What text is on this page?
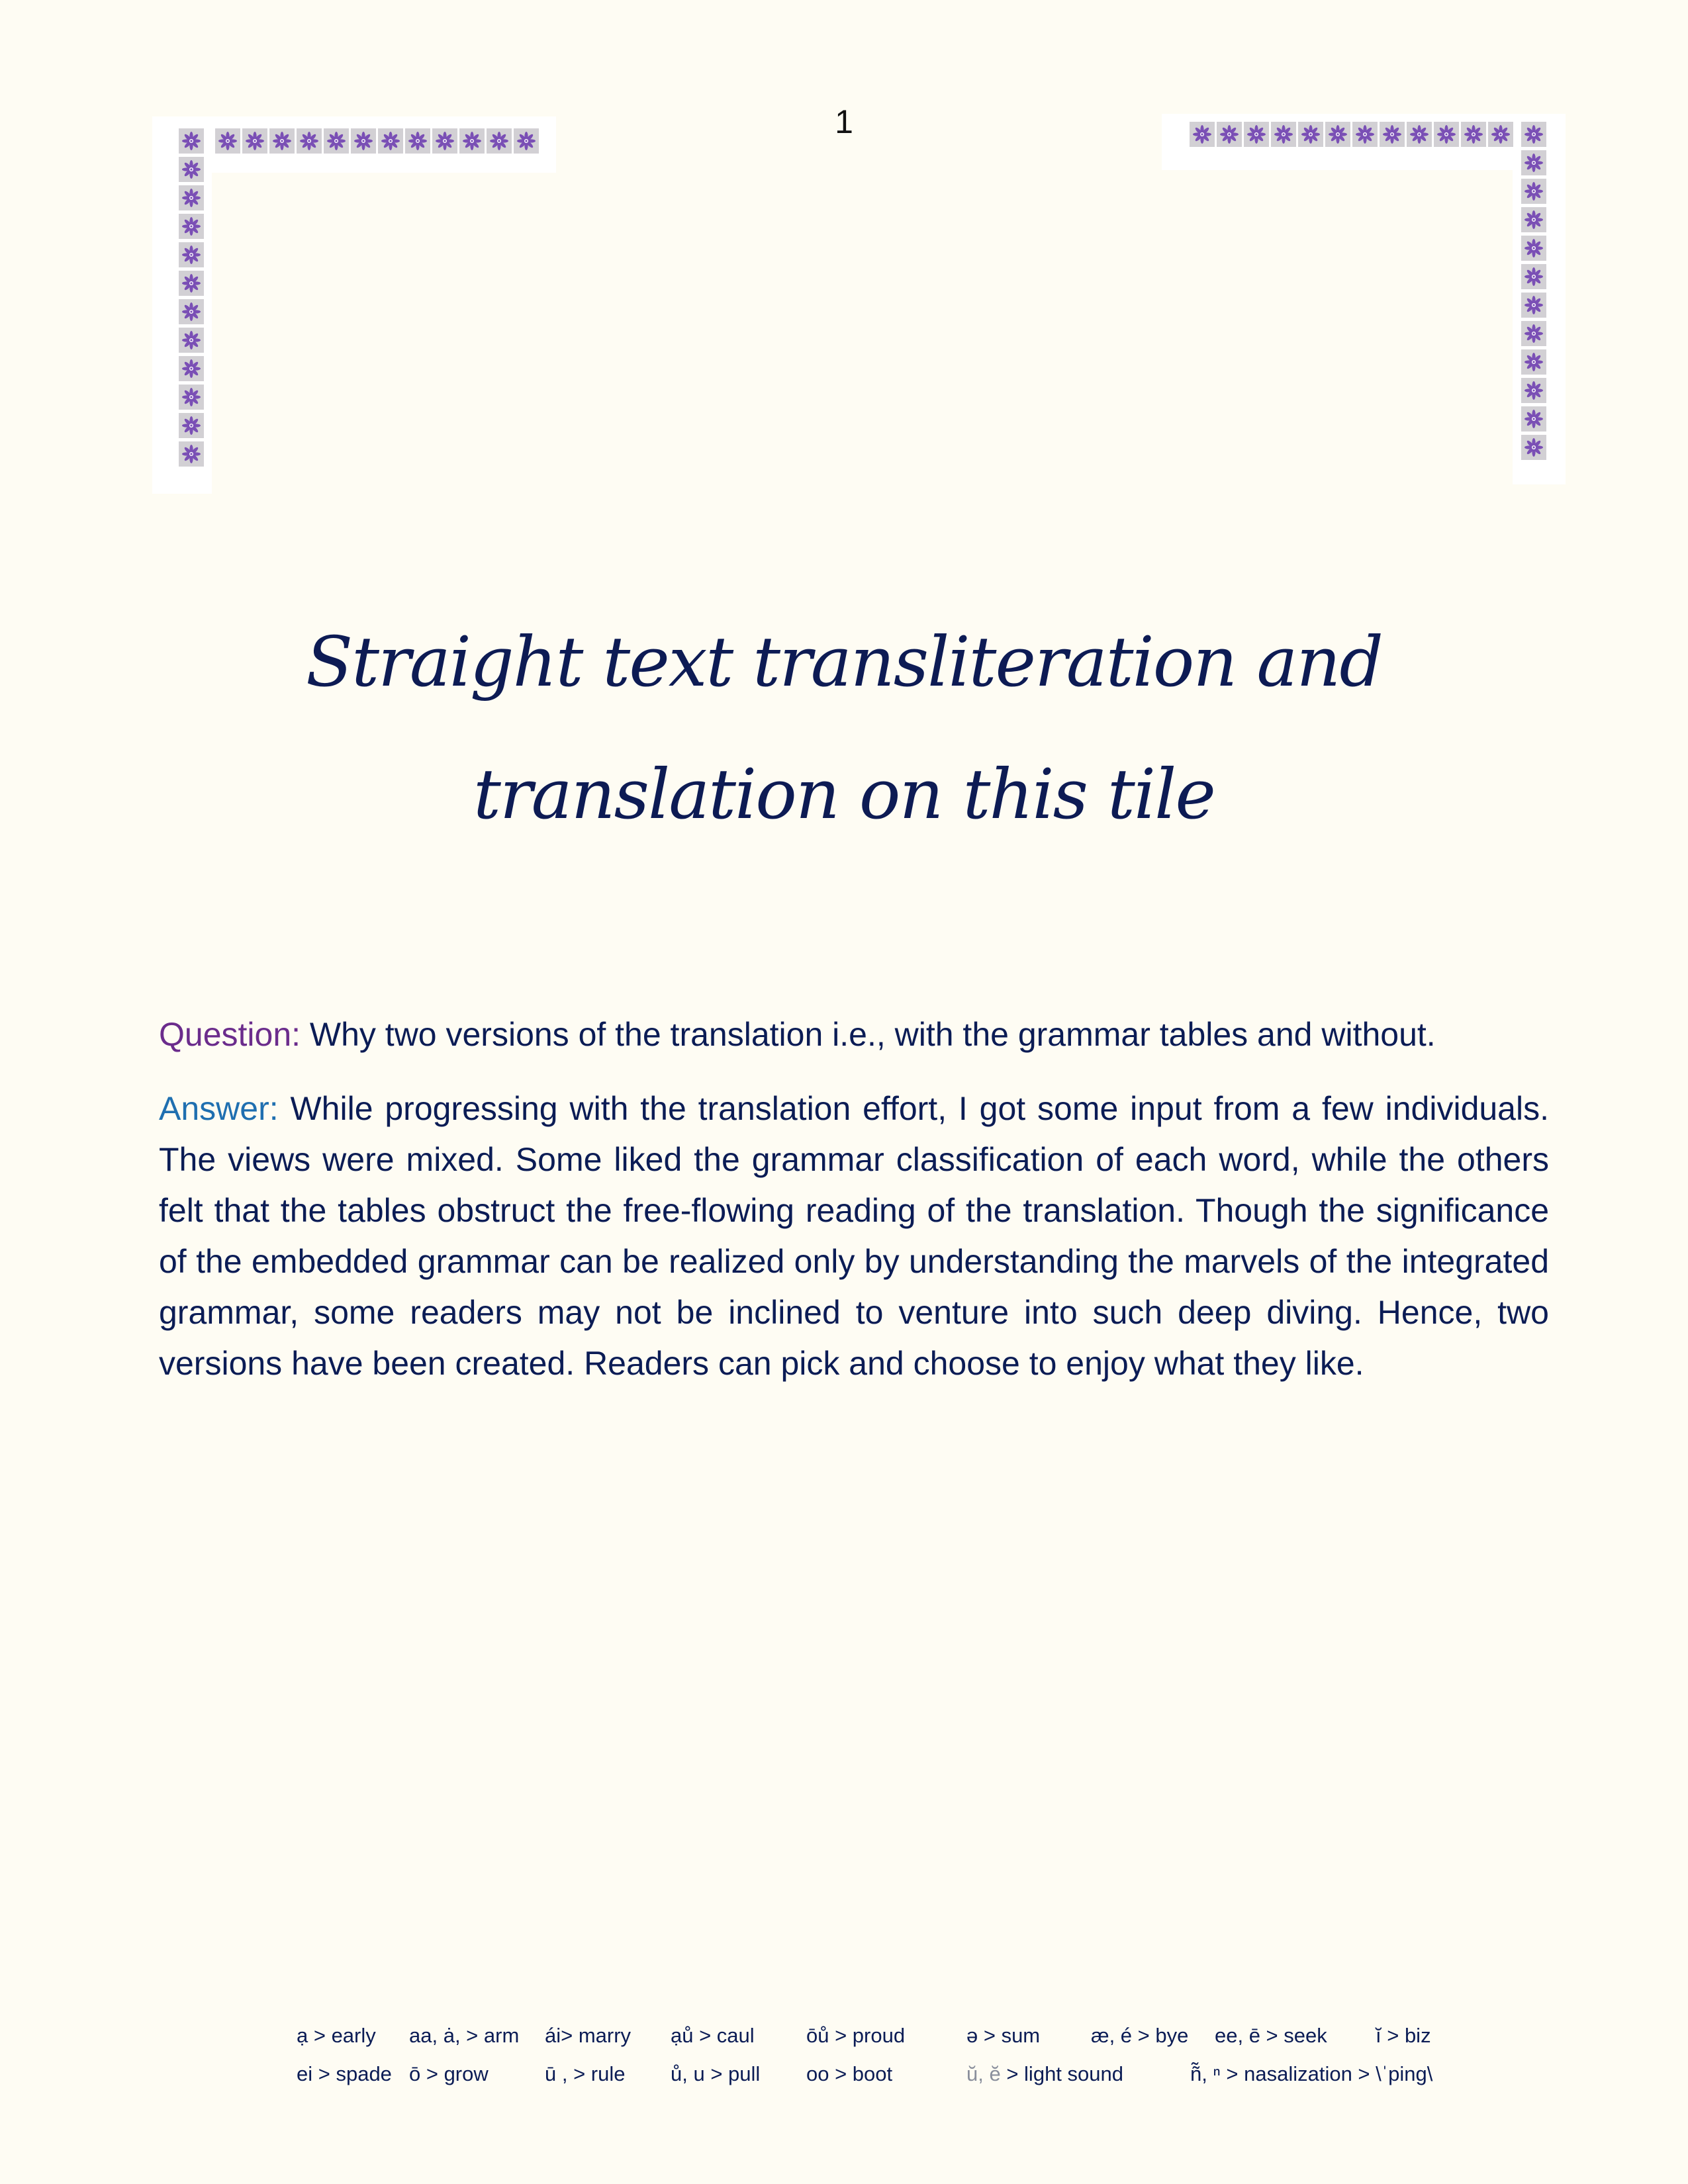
1
Straight text transliteration and translation on this tile

Question: Why two versions of the translation i.e., with the grammar tables and without.

Answer: While progressing with the translation effort, I got some input from a few individuals. The views were mixed. Some liked the grammar classification of each word, while the others felt that the tables obstruct the free-flowing reading of the translation. Though the significance of the embedded grammar can be realized only by understanding the marvels of the integrated grammar, some readers may not be inclined to venture into such deep diving. Hence, two versions have been created. Readers can pick and choose to enjoy what they like.

ạ > early aa, ȧ, > arm ái> marry ạů > caul	ōů > proud	ə > sum æ, é > bye ee, ē > seek ĭ > biz
ei > spade ō > grow	ū , > rule ů, u > pull oo > boot	ŭ, ĕ > light sound	ñ̃, ⁿ > nasalization > \ˈping\
